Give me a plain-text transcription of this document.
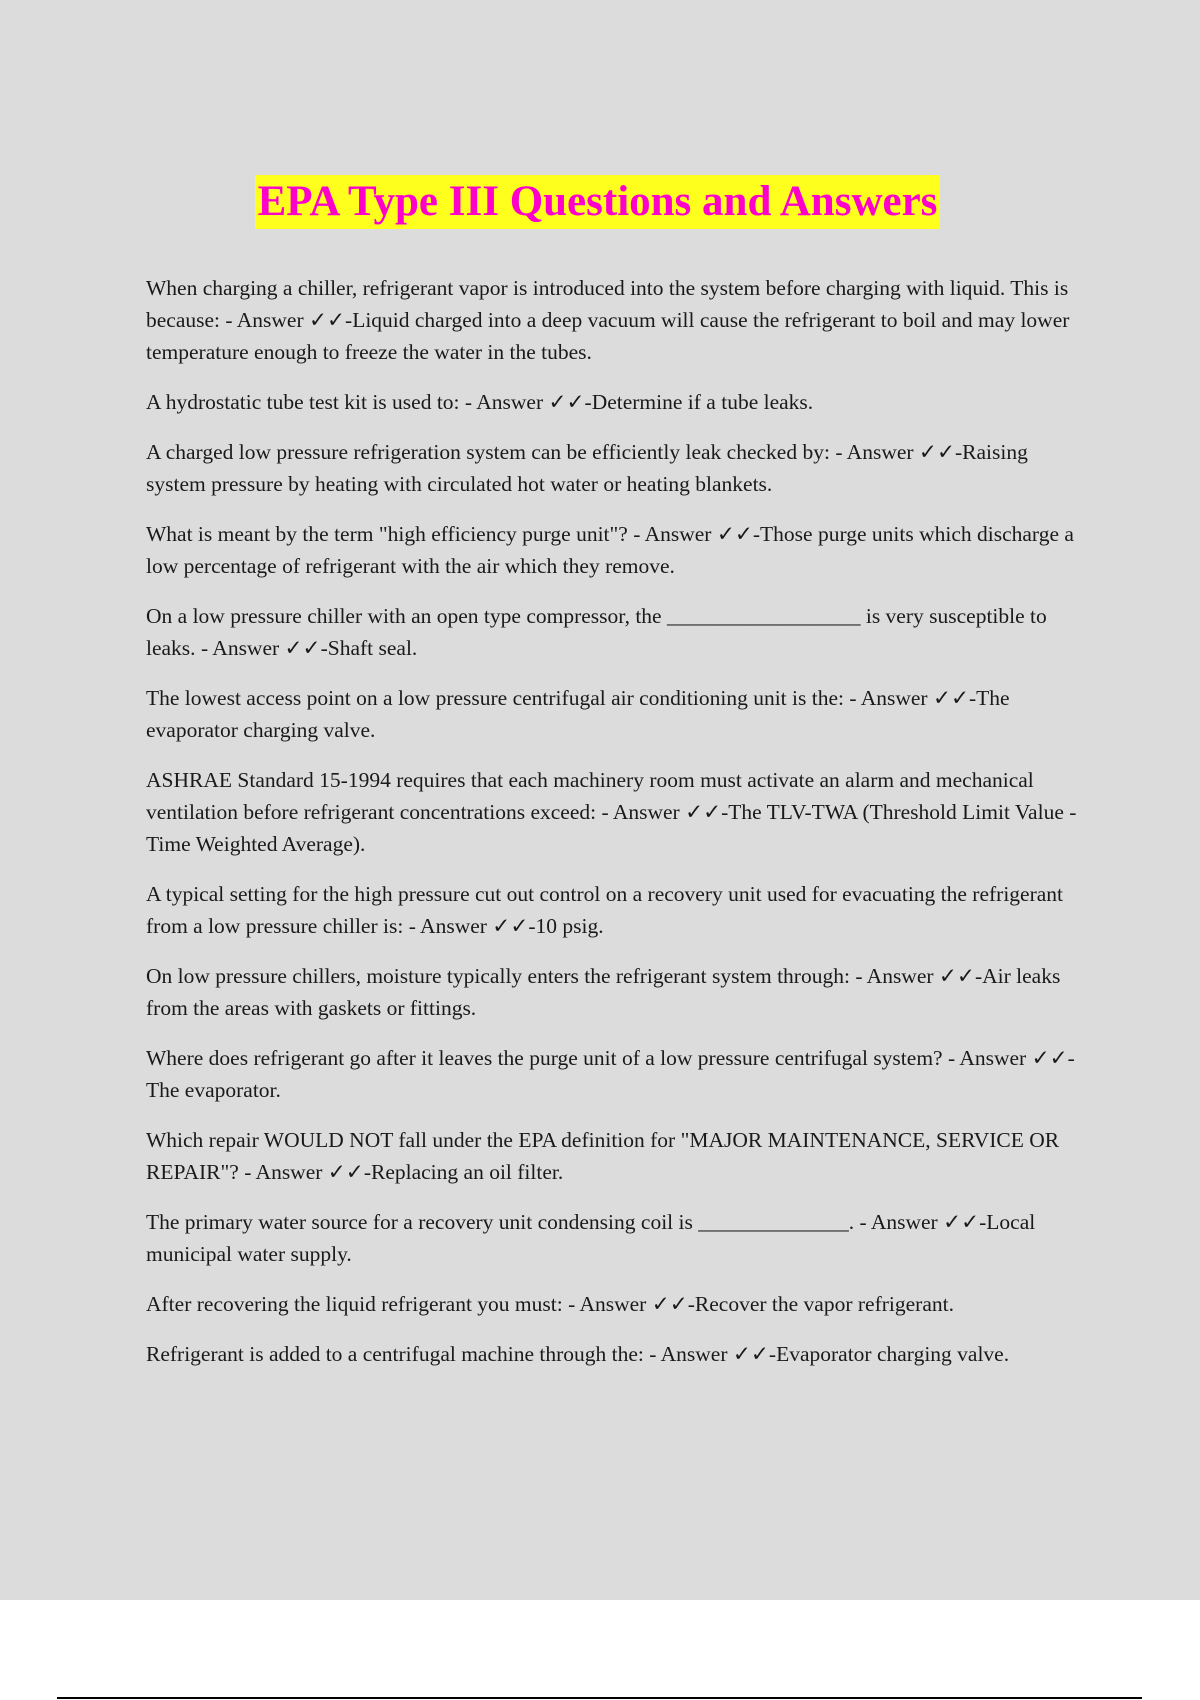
EPA Type III Questions and Answers
When charging a chiller, refrigerant vapor is introduced into the system before charging with liquid. This is because: - Answer ✓✓-Liquid charged into a deep vacuum will cause the refrigerant to boil and may lower temperature enough to freeze the water in the tubes.
A hydrostatic tube test kit is used to: - Answer ✓✓-Determine if a tube leaks.
A charged low pressure refrigeration system can be efficiently leak checked by: - Answer ✓✓-Raising system pressure by heating with circulated hot water or heating blankets.
What is meant by the term "high efficiency purge unit"? - Answer ✓✓-Those purge units which discharge a low percentage of refrigerant with the air which they remove.
On a low pressure chiller with an open type compressor, the __________________ is very susceptible to leaks. - Answer ✓✓-Shaft seal.
The lowest access point on a low pressure centrifugal air conditioning unit is the: - Answer ✓✓-The evaporator charging valve.
ASHRAE Standard 15-1994 requires that each machinery room must activate an alarm and mechanical ventilation before refrigerant concentrations exceed: - Answer ✓✓-The TLV-TWA (Threshold Limit Value - Time Weighted Average).
A typical setting for the high pressure cut out control on a recovery unit used for evacuating the refrigerant from a low pressure chiller is: - Answer ✓✓-10 psig.
On low pressure chillers, moisture typically enters the refrigerant system through: - Answer ✓✓-Air leaks from the areas with gaskets or fittings.
Where does refrigerant go after it leaves the purge unit of a low pressure centrifugal system? - Answer ✓✓-The evaporator.
Which repair WOULD NOT fall under the EPA definition for "MAJOR MAINTENANCE, SERVICE OR REPAIR"? - Answer ✓✓-Replacing an oil filter.
The primary water source for a recovery unit condensing coil is ______________. - Answer ✓✓-Local municipal water supply.
After recovering the liquid refrigerant you must: - Answer ✓✓-Recover the vapor refrigerant.
Refrigerant is added to a centrifugal machine through the: - Answer ✓✓-Evaporator charging valve.
